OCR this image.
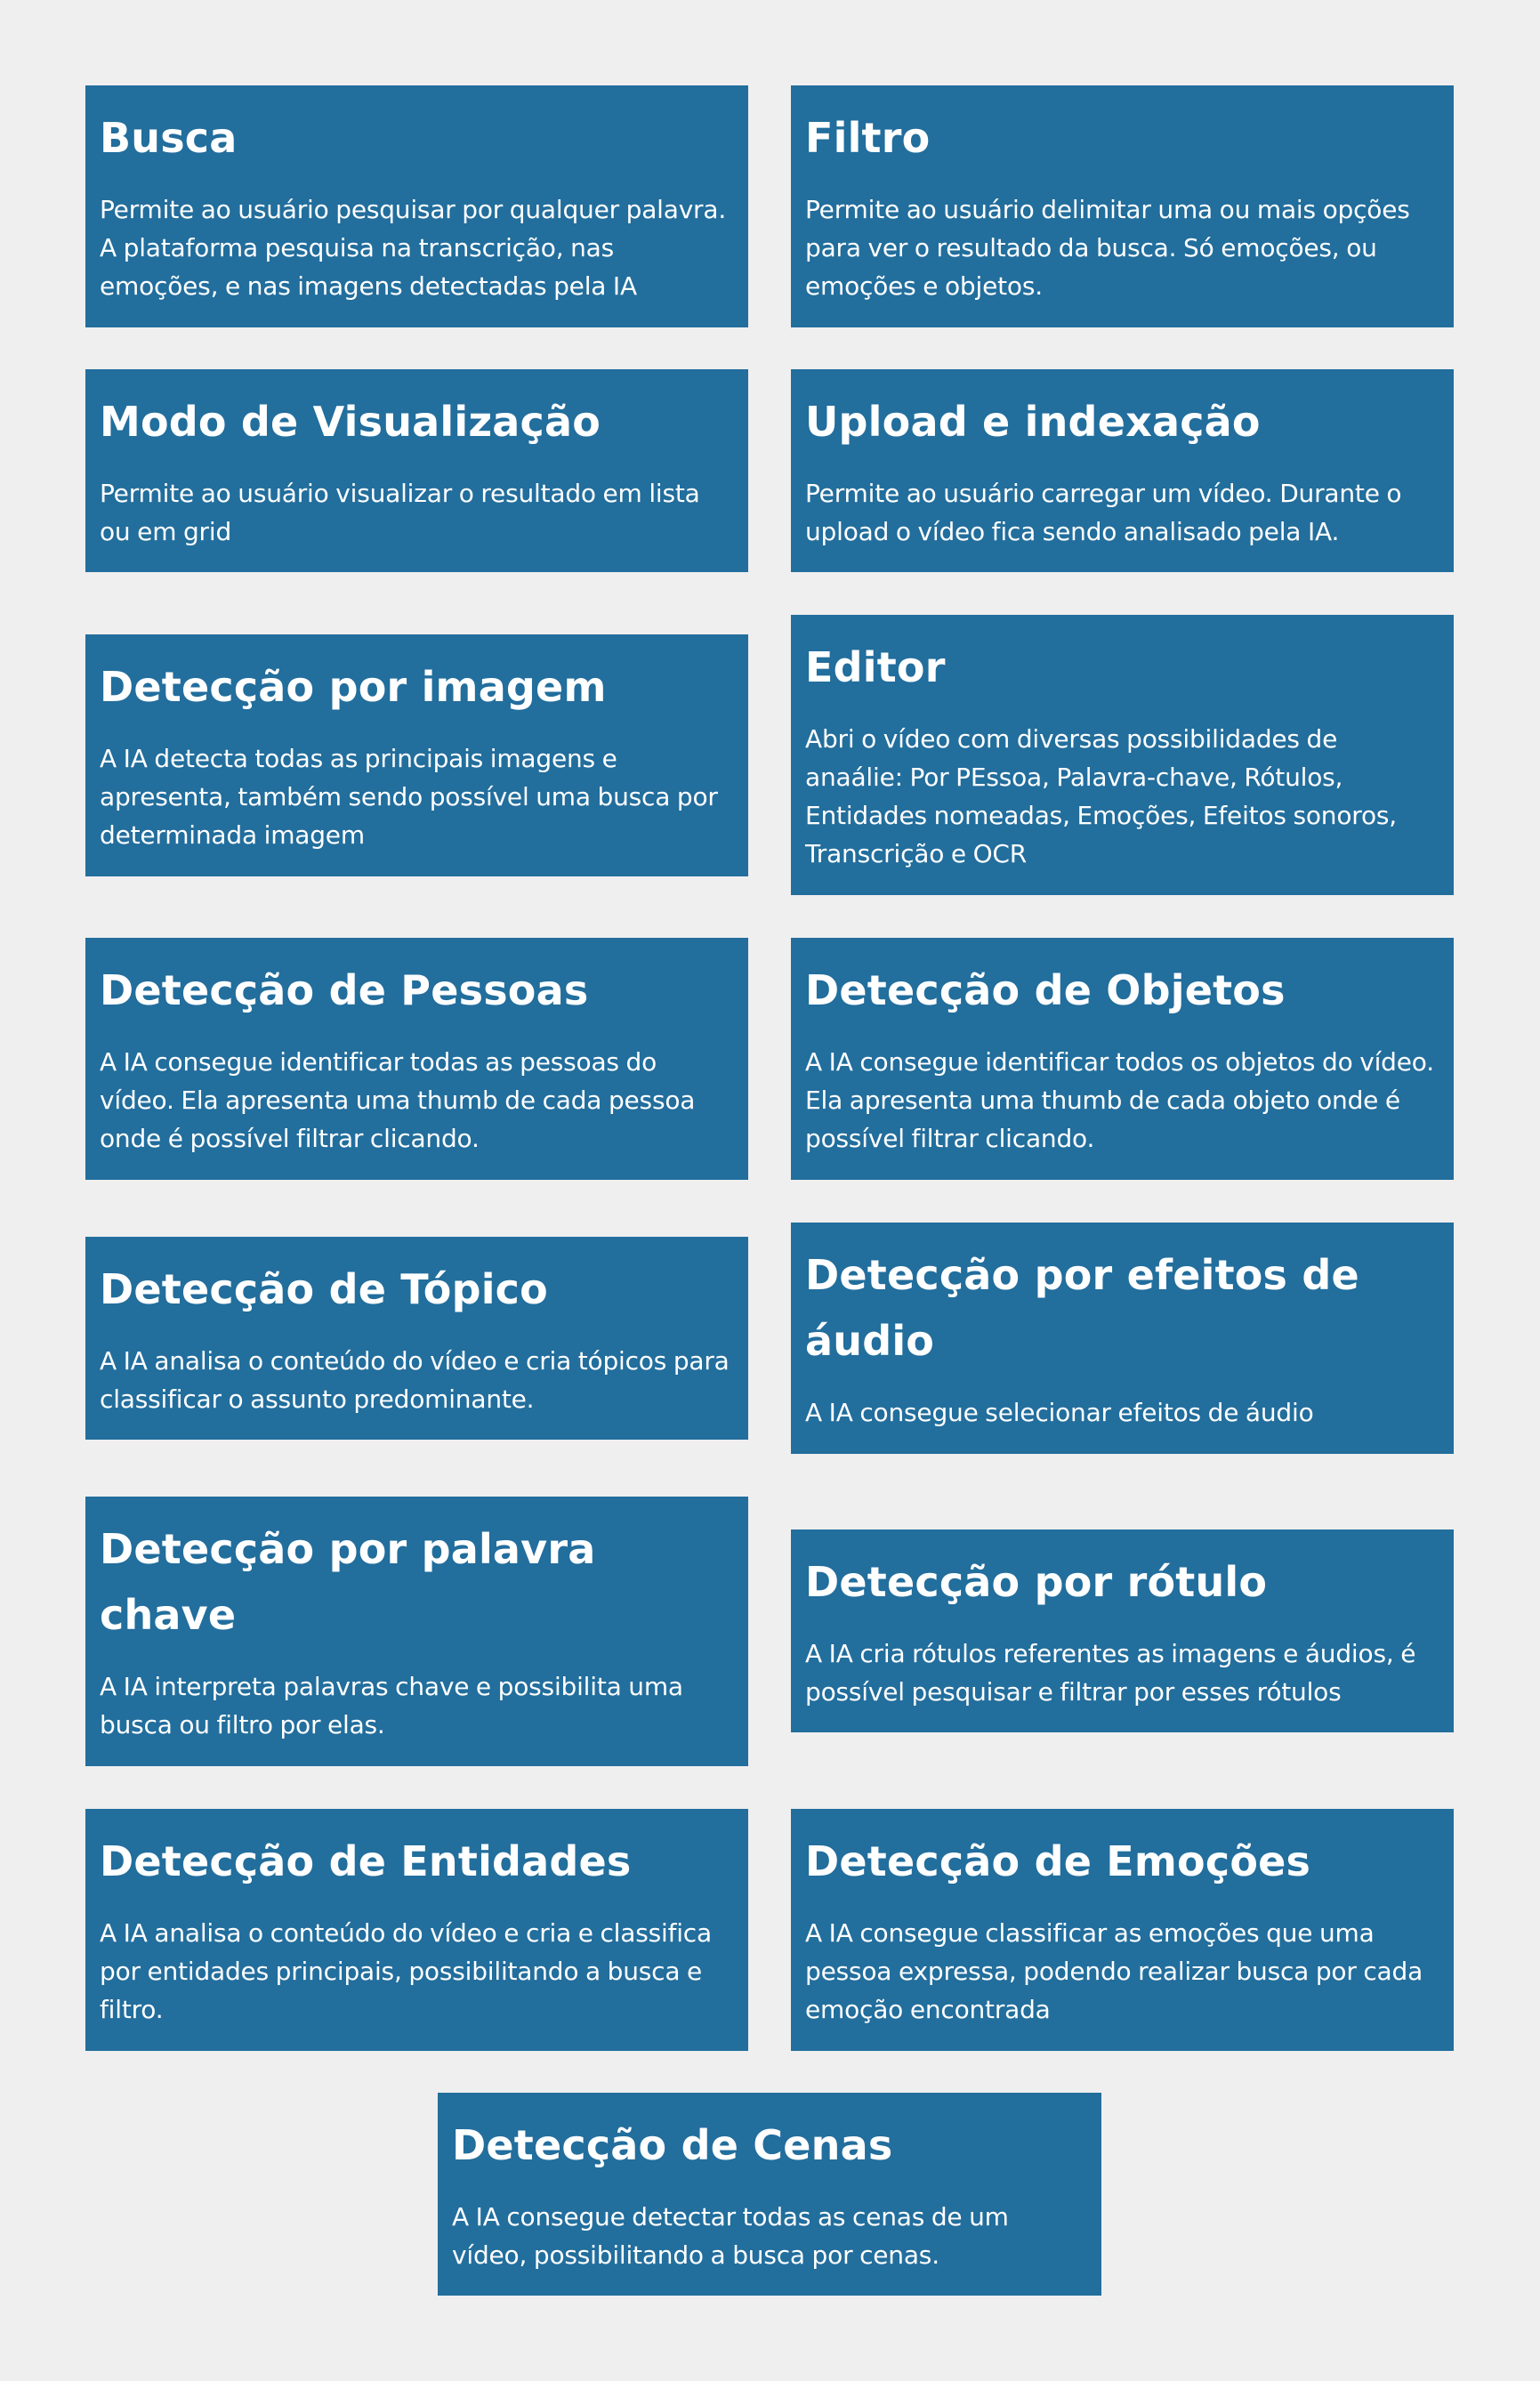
Busca

Permite ao usuário pesquisar por qualquer palavra. A plataforma pesquisa na transcrição, nas emoções, e nas imagens detectadas pela IA

Filtro

Permite ao usuário delimitar uma ou mais opções para ver o resultado da busca. Só emoções, ou emoções e objetos.

Modo de Visualização

Permite ao usuário visualizar o resultado em lista ou em grid

Upload e indexação

Permite ao usuário carregar um vídeo. Durante o upload o vídeo fica sendo analisado pela IA.

Detecção por imagem

A IA detecta todas as principais imagens e apresenta, também sendo possível uma busca por determinada imagem

Editor

Abri o vídeo com diversas possibilidades de anaálie: Por PEssoa, Palavra-chave, Rótulos, Entidades nomeadas, Emoções, Efeitos sonoros, Transcrição e OCR

Detecção de Pessoas

A IA consegue identificar todas as pessoas do vídeo. Ela apresenta uma thumb de cada pessoa onde é possível filtrar clicando.

Detecção de Objetos

A IA consegue identificar todos os objetos do vídeo. Ela apresenta uma thumb de cada objeto onde é possível filtrar clicando.

Detecção de Tópico

A IA analisa o conteúdo do vídeo e cria tópicos para classificar o assunto predominante.

Detecção por efeitos de áudio

A IA consegue selecionar efeitos de áudio

Detecção por palavra chave

A IA interpreta palavras chave e possibilita uma busca ou filtro por elas.

Detecção por rótulo

A IA cria rótulos referentes as imagens e áudios, é possível pesquisar e filtrar por esses rótulos

Detecção de Entidades

A IA analisa o conteúdo do vídeo e cria e classifica por entidades principais, possibilitando a busca e filtro.

Detecção de Emoções

A IA consegue classificar as emoções que uma pessoa expressa, podendo realizar busca por cada emoção encontrada

Detecção de Cenas

A IA consegue detectar todas as cenas de um vídeo, possibilitando a busca por cenas.
